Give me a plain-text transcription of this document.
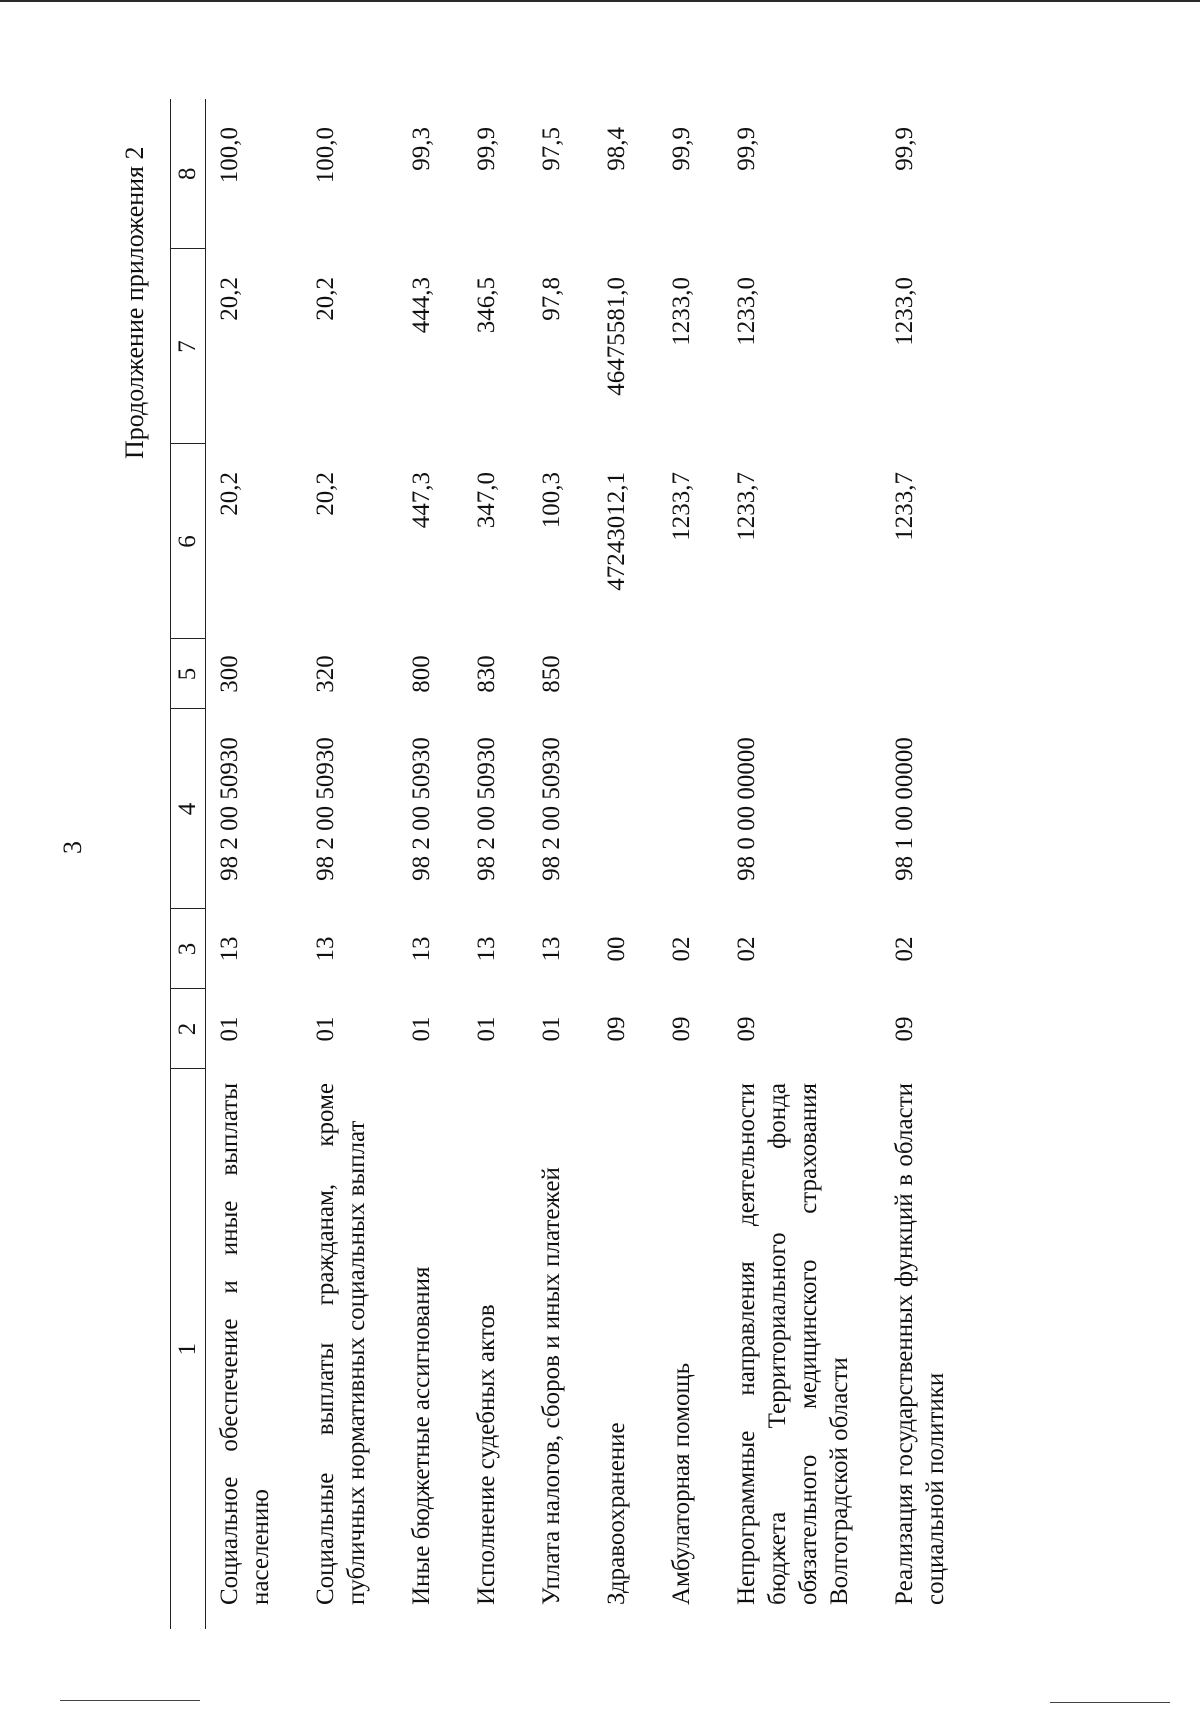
3
Продолжение приложения 2
1	2	3	4	5	6	7	8
Социальное обеспечение и иные выплаты населению	01	13	98 2 00 50930	300	20,2	20,2	100,0
Социальные выплаты гражданам, кроме публичных нормативных социальных выплат	01	13	98 2 00 50930	320	20,2	20,2	100,0
Иные бюджетные ассигнования	01	13	98 2 00 50930	800	447,3	444,3	99,3
Исполнение судебных актов	01	13	98 2 00 50930	830	347,0	346,5	99,9
Уплата налогов, сборов и иных платежей	01	13	98 2 00 50930	850	100,3	97,8	97,5
Здравоохранение	09	00			47243012,1	46475581,0	98,4
Амбулаторная помощь	09	02			1233,7	1233,0	99,9
Непрограммные направления деятельности бюджета Территориального фонда обязательного медицинского страхования Волгоградской области	09	02	98 0 00 00000		1233,7	1233,0	99,9
Реализация государственных функций в области социальной политики	09	02	98 1 00 00000		1233,7	1233,0	99,9
